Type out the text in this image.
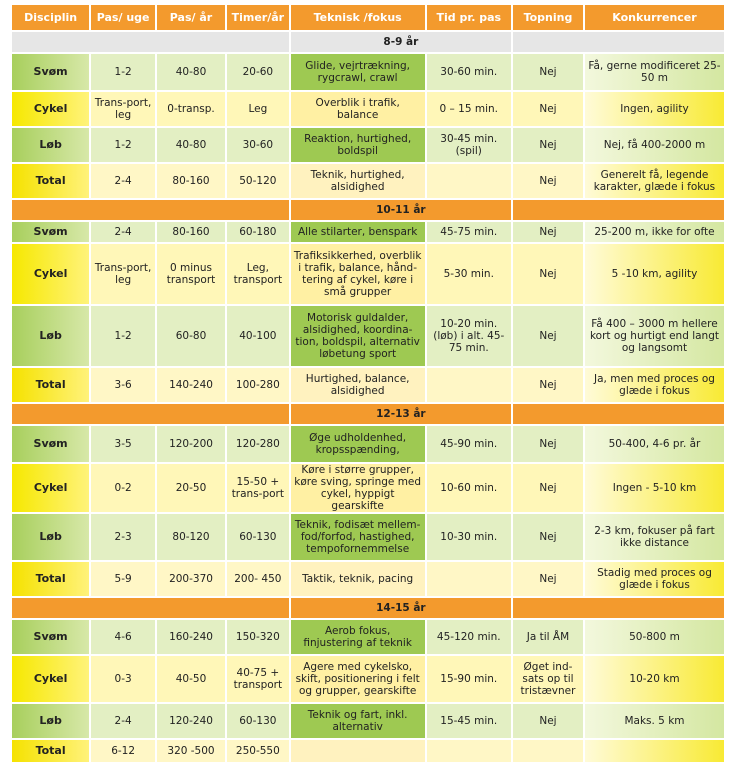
Disciplin	Pas/ uge	Pas/ år	Timer/år	Teknisk /fokus	Tid pr. pas	Topning	Konkurrencer
				8-9 år			
Svøm	1-2	40-80	20-60	Glide, vejrtrækning, rygcrawl, crawl	30-60 min.	Nej	Få, gerne modificeret 25-50 m
Cykel	Trans-port, leg	0-transp.	Leg	Overblik i trafik, balance	0 – 15 min.	Nej	Ingen, agility
Løb	1-2	40-80	30-60	Reaktion, hurtighed, boldspil	30-45 min. (spil)	Nej	Nej, få 400-2000 m
Total	2-4	80-160	50-120	Teknik, hurtighed, alsidighed		Nej	Generelt få, legende karakter, glæde i fokus
				10-11 år			
Svøm	2-4	80-160	60-180	Alle stilarter, benspark	45-75 min.	Nej	25-200 m, ikke for ofte
Cykel	Trans-port, leg	0 minus transport	Leg, transport	Trafiksikkerhed, overblik i trafik, balance, hånd-tering af cykel, køre i små grupper	5-30 min.	Nej	5 -10 km, agility
Løb	1-2	60-80	40-100	Motorisk guldalder, alsidighed, koordina-tion, boldspil, alternativ løbetung sport	10-20 min. (løb) i alt. 45-75 min.	Nej	Få 400 – 3000 m hellere kort og hurtigt end langt og langsomt
Total	3-6	140-240	100-280	Hurtighed, balance, alsidighed		Nej	Ja, men med proces og glæde i fokus
				12-13 år			
Svøm	3-5	120-200	120-280	Øge udholdenhed, kropsspænding,	45-90 min.	Nej	50-400, 4-6 pr. år
Cykel	0-2	20-50	15-50 + trans-port	Køre i større grupper, køre sving, springe med cykel, hyppigt gearskifte	10-60 min.	Nej	Ingen - 5-10 km
Løb	2-3	80-120	60-130	Teknik, fodisæt mellem-fod/forfod, hastighed, tempofornemmelse	10-30 min.	Nej	2-3 km, fokuser på fart ikke distance
Total	5-9	200-370	200- 450	Taktik, teknik, pacing		Nej	Stadig med proces og glæde i fokus
				14-15 år			
Svøm	4-6	160-240	150-320	Aerob fokus, finjustering af teknik	45-120 min.	Ja til ÅM	50-800 m
Cykel	0-3	40-50	40-75 + transport	Agere med cykelsko, skift, positionering i felt og grupper, gearskifte	15-90 min.	Øget ind-sats op til tristævner	10-20 km
Løb	2-4	120-240	60-130	Teknik og fart, inkl. alternativ	15-45 min.	Nej	Maks. 5 km
Total	6-12	320 -500	250-550				
